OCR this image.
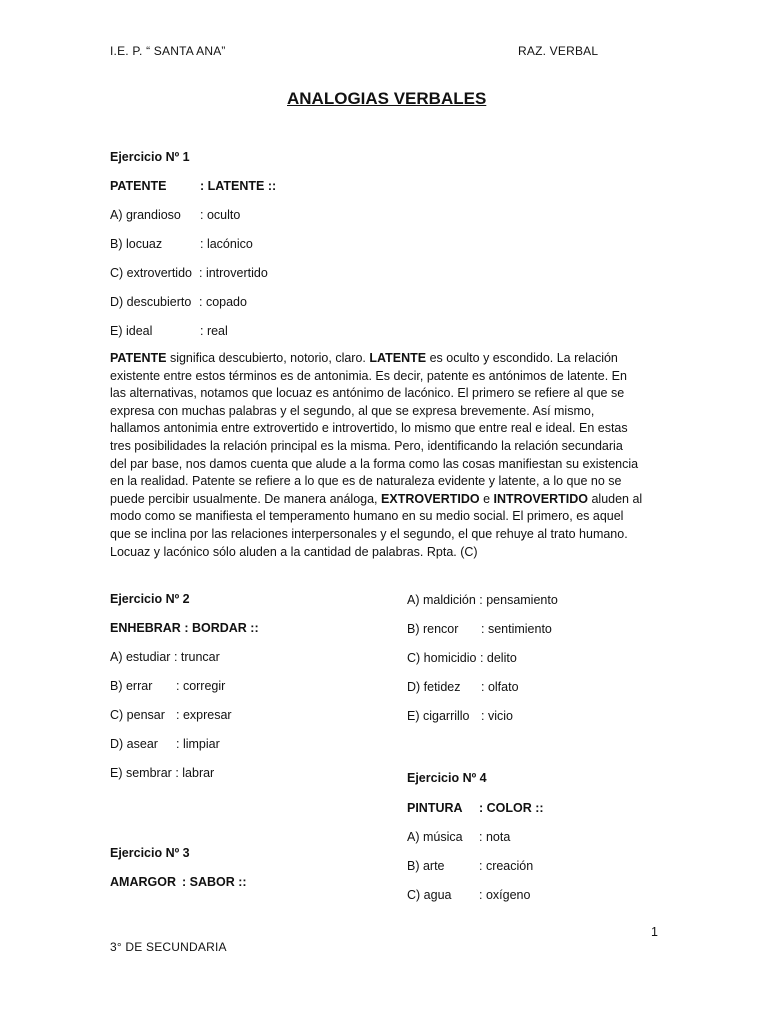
I.E. P. “ SANTA ANA”	RAZ. VERBAL
ANALOGIAS VERBALES
Ejercicio Nº 1
PATENTE	: LATENTE ::
A) grandioso : oculto
B) locuaz	: lacónico
C) extrovertido : introvertido
D) descubierto : copado
E) ideal	: real
PATENTE significa descubierto, notorio, claro. LATENTE es oculto y escondido. La relación
existente entre estos términos es de antonimia. Es decir, patente es antónimos de latente. En
las alternativas, notamos que locuaz es antónimo de lacónico. El primero se refiere al que se
expresa con muchas palabras y el segundo, al que se expresa brevemente. Así mismo,
hallamos antonimia entre extrovertido e introvertido, lo mismo que entre real e ideal. En estas
tres posibilidades la relación principal es la misma. Pero, identificando la relación secundaria
del par base, nos damos cuenta que alude a la forma como las cosas manifiestan su existencia
en la realidad. Patente se refiere a lo que es de naturaleza evidente y latente, a lo que no se
puede percibir usualmente. De manera análoga, EXTROVERTIDO e INTROVERTIDO aluden al
modo como se manifiesta el temperamento humano en su medio social. El primero, es aquel
que se inclina por las relaciones interpersonales y el segundo, el que rehuye al trato humano.
Locuaz y lacónico sólo aluden a la cantidad de palabras. Rpta. (C)
Ejercicio Nº 2
ENHEBRAR : BORDAR ::
A) estudiar : truncar
B) errar : corregir
C) pensar : expresar
D) asear : limpiar
E) sembrar : labrar
Ejercicio Nº 3
AMARGOR : SABOR ::
A) maldición : pensamiento
B) rencor : sentimiento
C) homicidio : delito
D) fetidez : olfato
E) cigarrillo : vicio
Ejercicio Nº 4
PINTURA : COLOR ::
A) música : nota
B) arte	: creación
C) agua : oxígeno
1
3° DE SECUNDARIA
